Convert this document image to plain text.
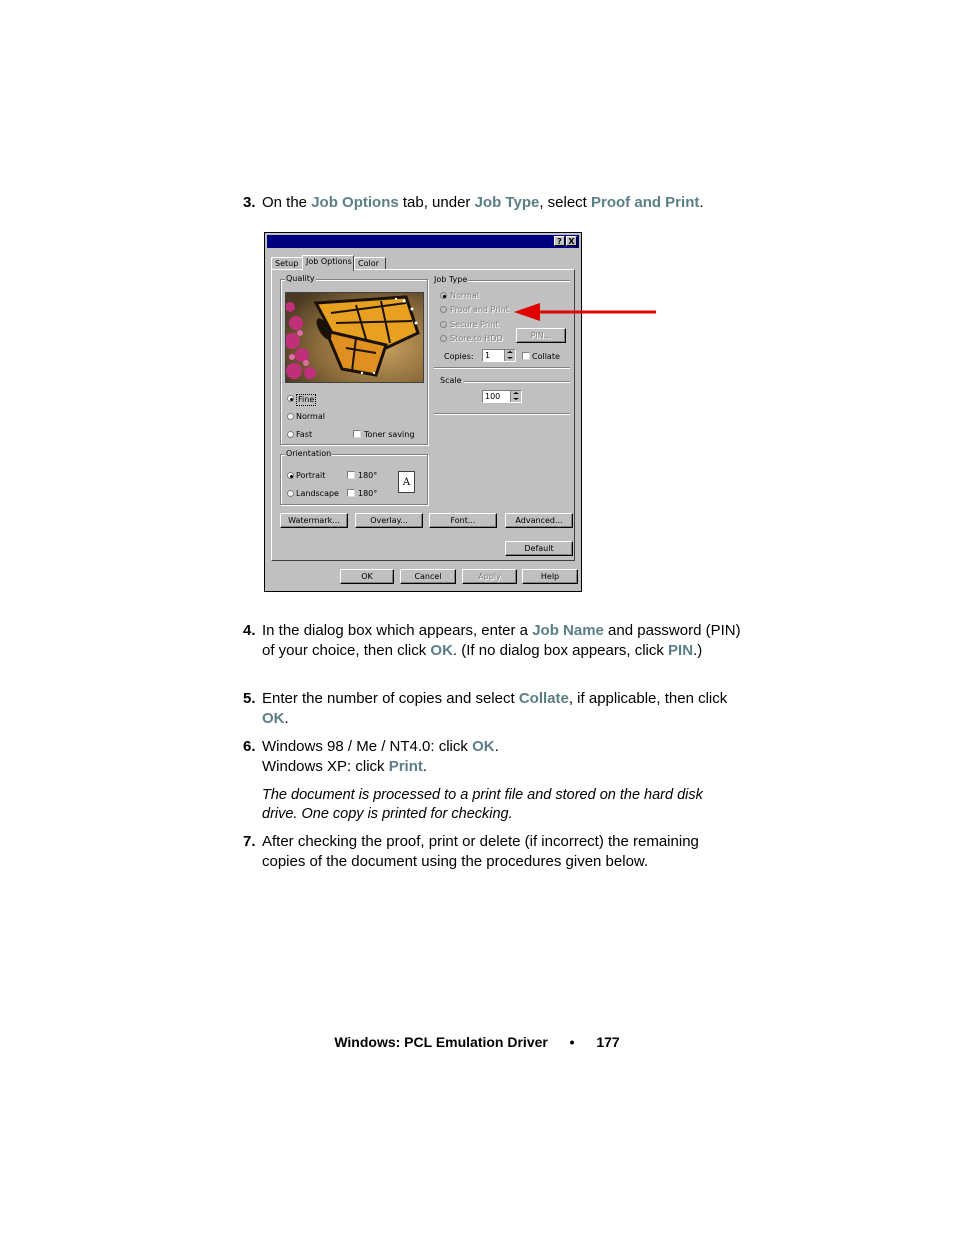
3. On the Job Options tab, under Job Type, select Proof and Print.
? X
Setup Job Options Color
Quality
Fine
Normal
Fast	Toner saving
Orientation
Portrait
Landscape
180°
180°
A
Job Type
Normal
Proof and Print
Secure Print
Store to HDD	PIN...
Copies:	1	Collate
Scale
100
Watermark...	Overlay...	Font...	Advanced...
Default
OK	Cancel	Apply	Help
4. In the dialog box which appears, enter a Job Name and password (PIN) of your choice, then click OK. (If no dialog box appears, click PIN.)
5. Enter the number of copies and select Collate, if applicable, then click OK.
6. Windows 98 / Me / NT4.0: click OK.
Windows XP: click Print.
The document is processed to a print file and stored on the hard disk drive. One copy is printed for checking.
7. After checking the proof, print or delete (if incorrect) the remaining copies of the document using the procedures given below.
Windows: PCL Emulation Driver • 177
